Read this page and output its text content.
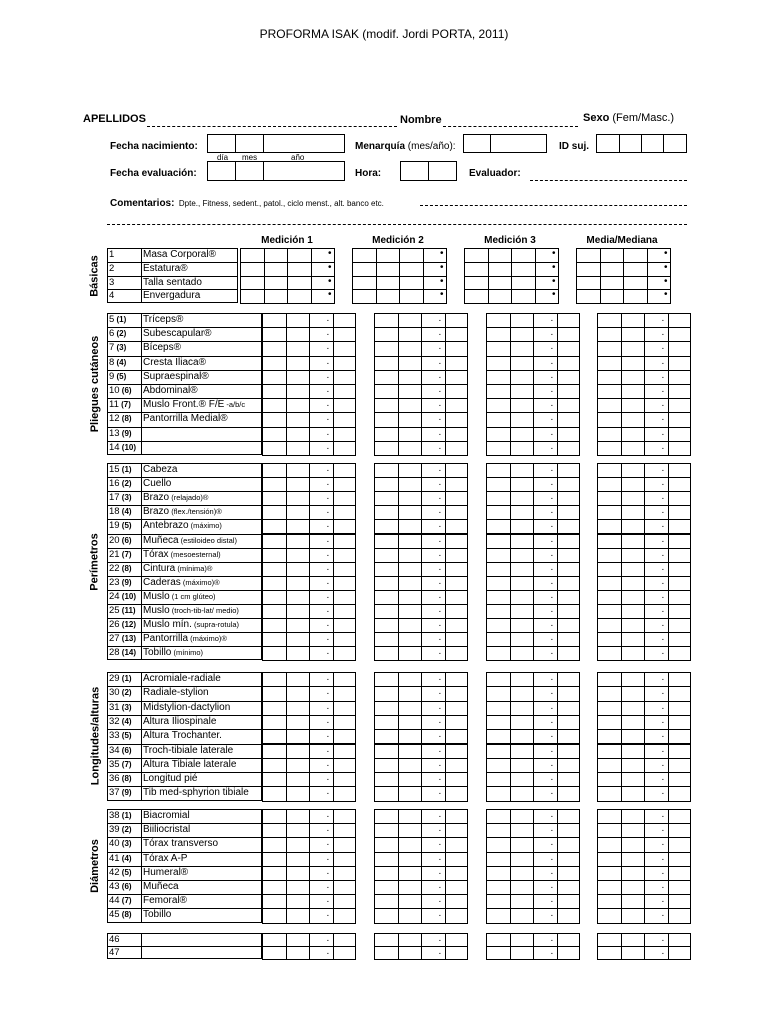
PROFORMA ISAK (modif. Jordi PORTA, 2011)
APELLIDOS	Nombre	Sexo (Fem/Masc.)
Fecha nacimiento:
día mes	año
Menarquía (mes/año):	ID suj.
Fecha evaluación:	Hora:	Evaluador:
Comentarios: Dpte., Fitness, sedent., patol., ciclo menst., alt. banco etc.
Medición 1	Medición 2	Medición 3	Media/Mediana
Básicas
1	Masa Corporal®	•	•	•	•
2	Estatura®	•	•	•	•
3	Talla sentado	•	•	•	•
4	Envergadura	•	•	•	•
Pliegues cutáneos
5 (1) Tríceps®	.	.	.	.
6 (2) Subescapular®	.	.	.	.
7 (3) Bíceps®	.	.	.	.
8 (4) Cresta Iliaca®	.	.	.	.
9 (5) Supraespinal®	.	.	.	.
10 (6) Abdominal®	.	.	.	.
11 (7) Muslo Front.® F/E -a/b/c	.	.	.	.
12 (8) Pantorrilla Medial®	.	.	.	.
13 (9)	.	.	.	.
14 (10)	.	.	.	.
Perímetros
15 (1) Cabeza	.	.	.	.
16 (2) Cuello	.	.	.	.
17 (3) Brazo (relajado)®	.	.	.	.
18 (4) Brazo (flex./tensión)®	.	.	.	.
19 (5) Antebrazo (máximo)	.	.	.	.
20 (6) Muñeca (estiloideo distal)	.	.	.	.
21 (7) Tórax (mesoesternal)	.	.	.	.
22 (8) Cintura (mínima)®	.	.	.	.
23 (9) Caderas (máximo)®	.	.	.	.
24 (10) Muslo (1 cm glúteo)	.	.	.	.
25 (11) Muslo (troch-tib-lat/ medio)	.	.	.	.
26 (12) Muslo mín. (supra-rotula)	.	.	.	.
27 (13) Pantorrilla (máximo)®	.	.	.	.
28 (14) Tobillo (mínimo)	.	.	.	.
Longitudes/alturas
29 (1) Acromiale-radiale	.	.	.	.
30 (2) Radiale-stylion	.	.	.	.
31 (3) Midstylion-dactylion	.	.	.	.
32 (4) Altura Iliospinale	.	.	.	.
33 (5) Altura Trochanter.	.	.	.	.
34 (6) Troch-tibiale laterale	.	.	.	.
35 (7) Altura Tibiale laterale	.	.	.	.
36 (8) Longitud pié	.	.	.	.
37 (9) Tib med-sphyrion tibiale	.	.	.	.
Diámetros
38 (1) Biacromial	.	.	.	.
39 (2) Biiliocristal	.	.	.	.
40 (3) Tórax transverso	.	.	.	.
41 (4) Tórax A-P	.	.	.	.
42 (5) Humeral®	.	.	.	.
43 (6) Muñeca	.	.	.	.
44 (7) Femoral®	.	.	.	.
45 (8) Tobillo	.	.	.	.
46	.	.	.	.
47	.	.	.	.
